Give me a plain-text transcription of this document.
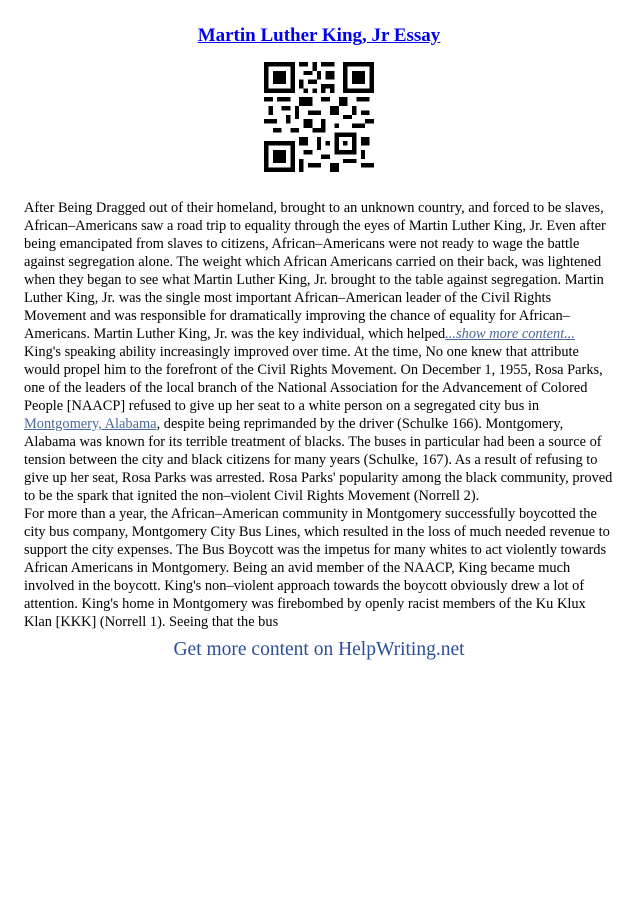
Martin Luther King, Jr Essay

After Being Dragged out of their homeland, brought to an unknown country, and forced to be slaves, African–Americans saw a road trip to equality through the eyes of Martin Luther King, Jr. Even after being emancipated from slaves to citizens, African–Americans were not ready to wage the battle against segregation alone. The weight which African Americans carried on their back, was lightened when they began to see what Martin Luther King, Jr. brought to the table against segregation. Martin Luther King, Jr. was the single most important African–American leader of the Civil Rights Movement and was responsible for dramatically improving the chance of equality for African–Americans. Martin Luther King, Jr. was the key individual, which helped...show more content...

King's speaking ability increasingly improved over time. At the time, No one knew that attribute would propel him to the forefront of the Civil Rights Movement. On December 1, 1955, Rosa Parks, one of the leaders of the local branch of the National Association for the Advancement of Colored People [NAACP] refused to give up her seat to a white person on a segregated city bus in Montgomery, Alabama, despite being reprimanded by the driver (Schulke 166). Montgomery, Alabama was known for its terrible treatment of blacks. The buses in particular had been a source of tension between the city and black citizens for many years (Schulke, 167). As a result of refusing to give up her seat, Rosa Parks was arrested. Rosa Parks' popularity among the black community, proved to be the spark that ignited the non–violent Civil Rights Movement (Norrell 2).

For more than a year, the African–American community in Montgomery successfully boycotted the city bus company, Montgomery City Bus Lines, which resulted in the loss of much needed revenue to support the city expenses. The Bus Boycott was the impetus for many whites to act violently towards African Americans in Montgomery. Being an avid member of the NAACP, King became much involved in the boycott. King's non–violent approach towards the boycott obviously drew a lot of attention. King's home in Montgomery was firebombed by openly racist members of the Ku Klux Klan [KKK] (Norrell 1). Seeing that the bus

Get more content on HelpWriting.net
